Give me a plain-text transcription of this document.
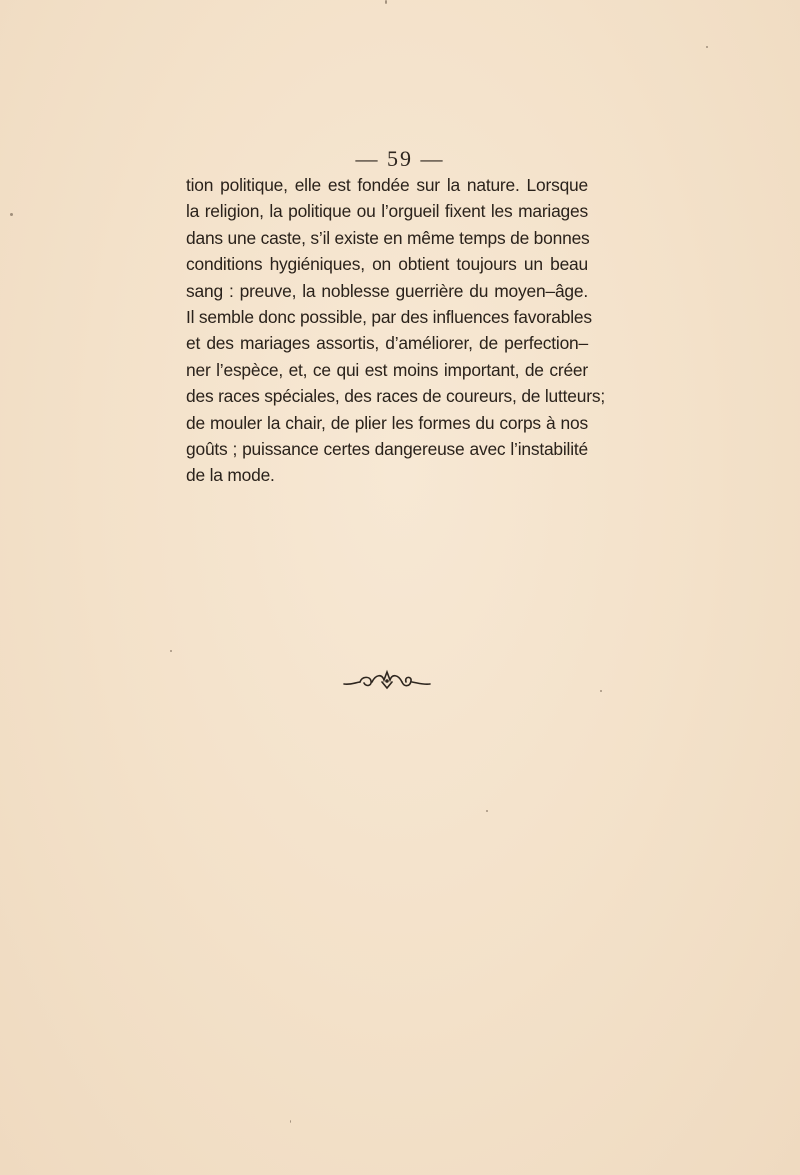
— 59 —
tion politique, elle est fondée sur la nature. Lorsque
la religion, la politique ou l’orgueil fixent les mariages
dans une caste, s’il existe en même temps de bonnes
conditions hygiéniques, on obtient toujours un beau
sang : preuve, la noblesse guerrière du moyen–âge.
Il semble donc possible, par des influences favorables
et des mariages assortis, d’améliorer, de perfection–
ner l’espèce, et, ce qui est moins important, de créer
des races spéciales, des races de coureurs, de lutteurs;
de mouler la chair, de plier les formes du corps à nos
goûts ; puissance certes dangereuse avec l’instabilité
de la mode.
